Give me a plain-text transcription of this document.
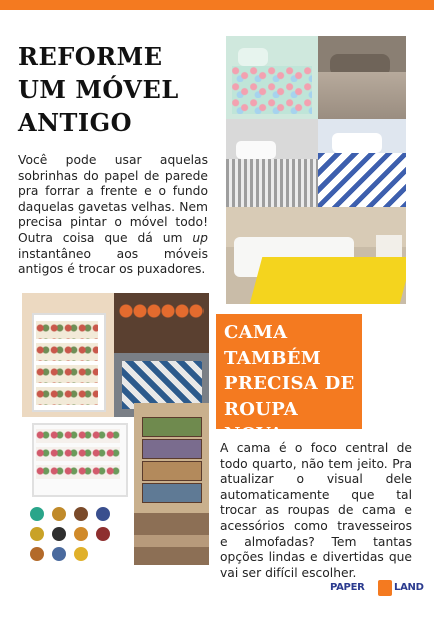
REFORME
UM MÓVEL
ANTIGO

Você pode usar aquelas sobrinhas do papel de parede pra forrar a frente e o fundo daquelas gavetas velhas. Nem precisa pintar o móvel todo! Outra coisa que dá um up instantâneo aos móveis antigos é trocar os puxadores.

CAMA
TAMBÉM
PRECISA DE
ROUPA NOVA

A cama é o foco central de todo quarto, não tem jeito. Pra atualizar o visual dele automaticamente que tal trocar as roupas de cama e acessórios como travesseiros e almofadas? Tem tantas opções lindas e divertidas que vai ser difícil escolher.

PAPER	LAND
